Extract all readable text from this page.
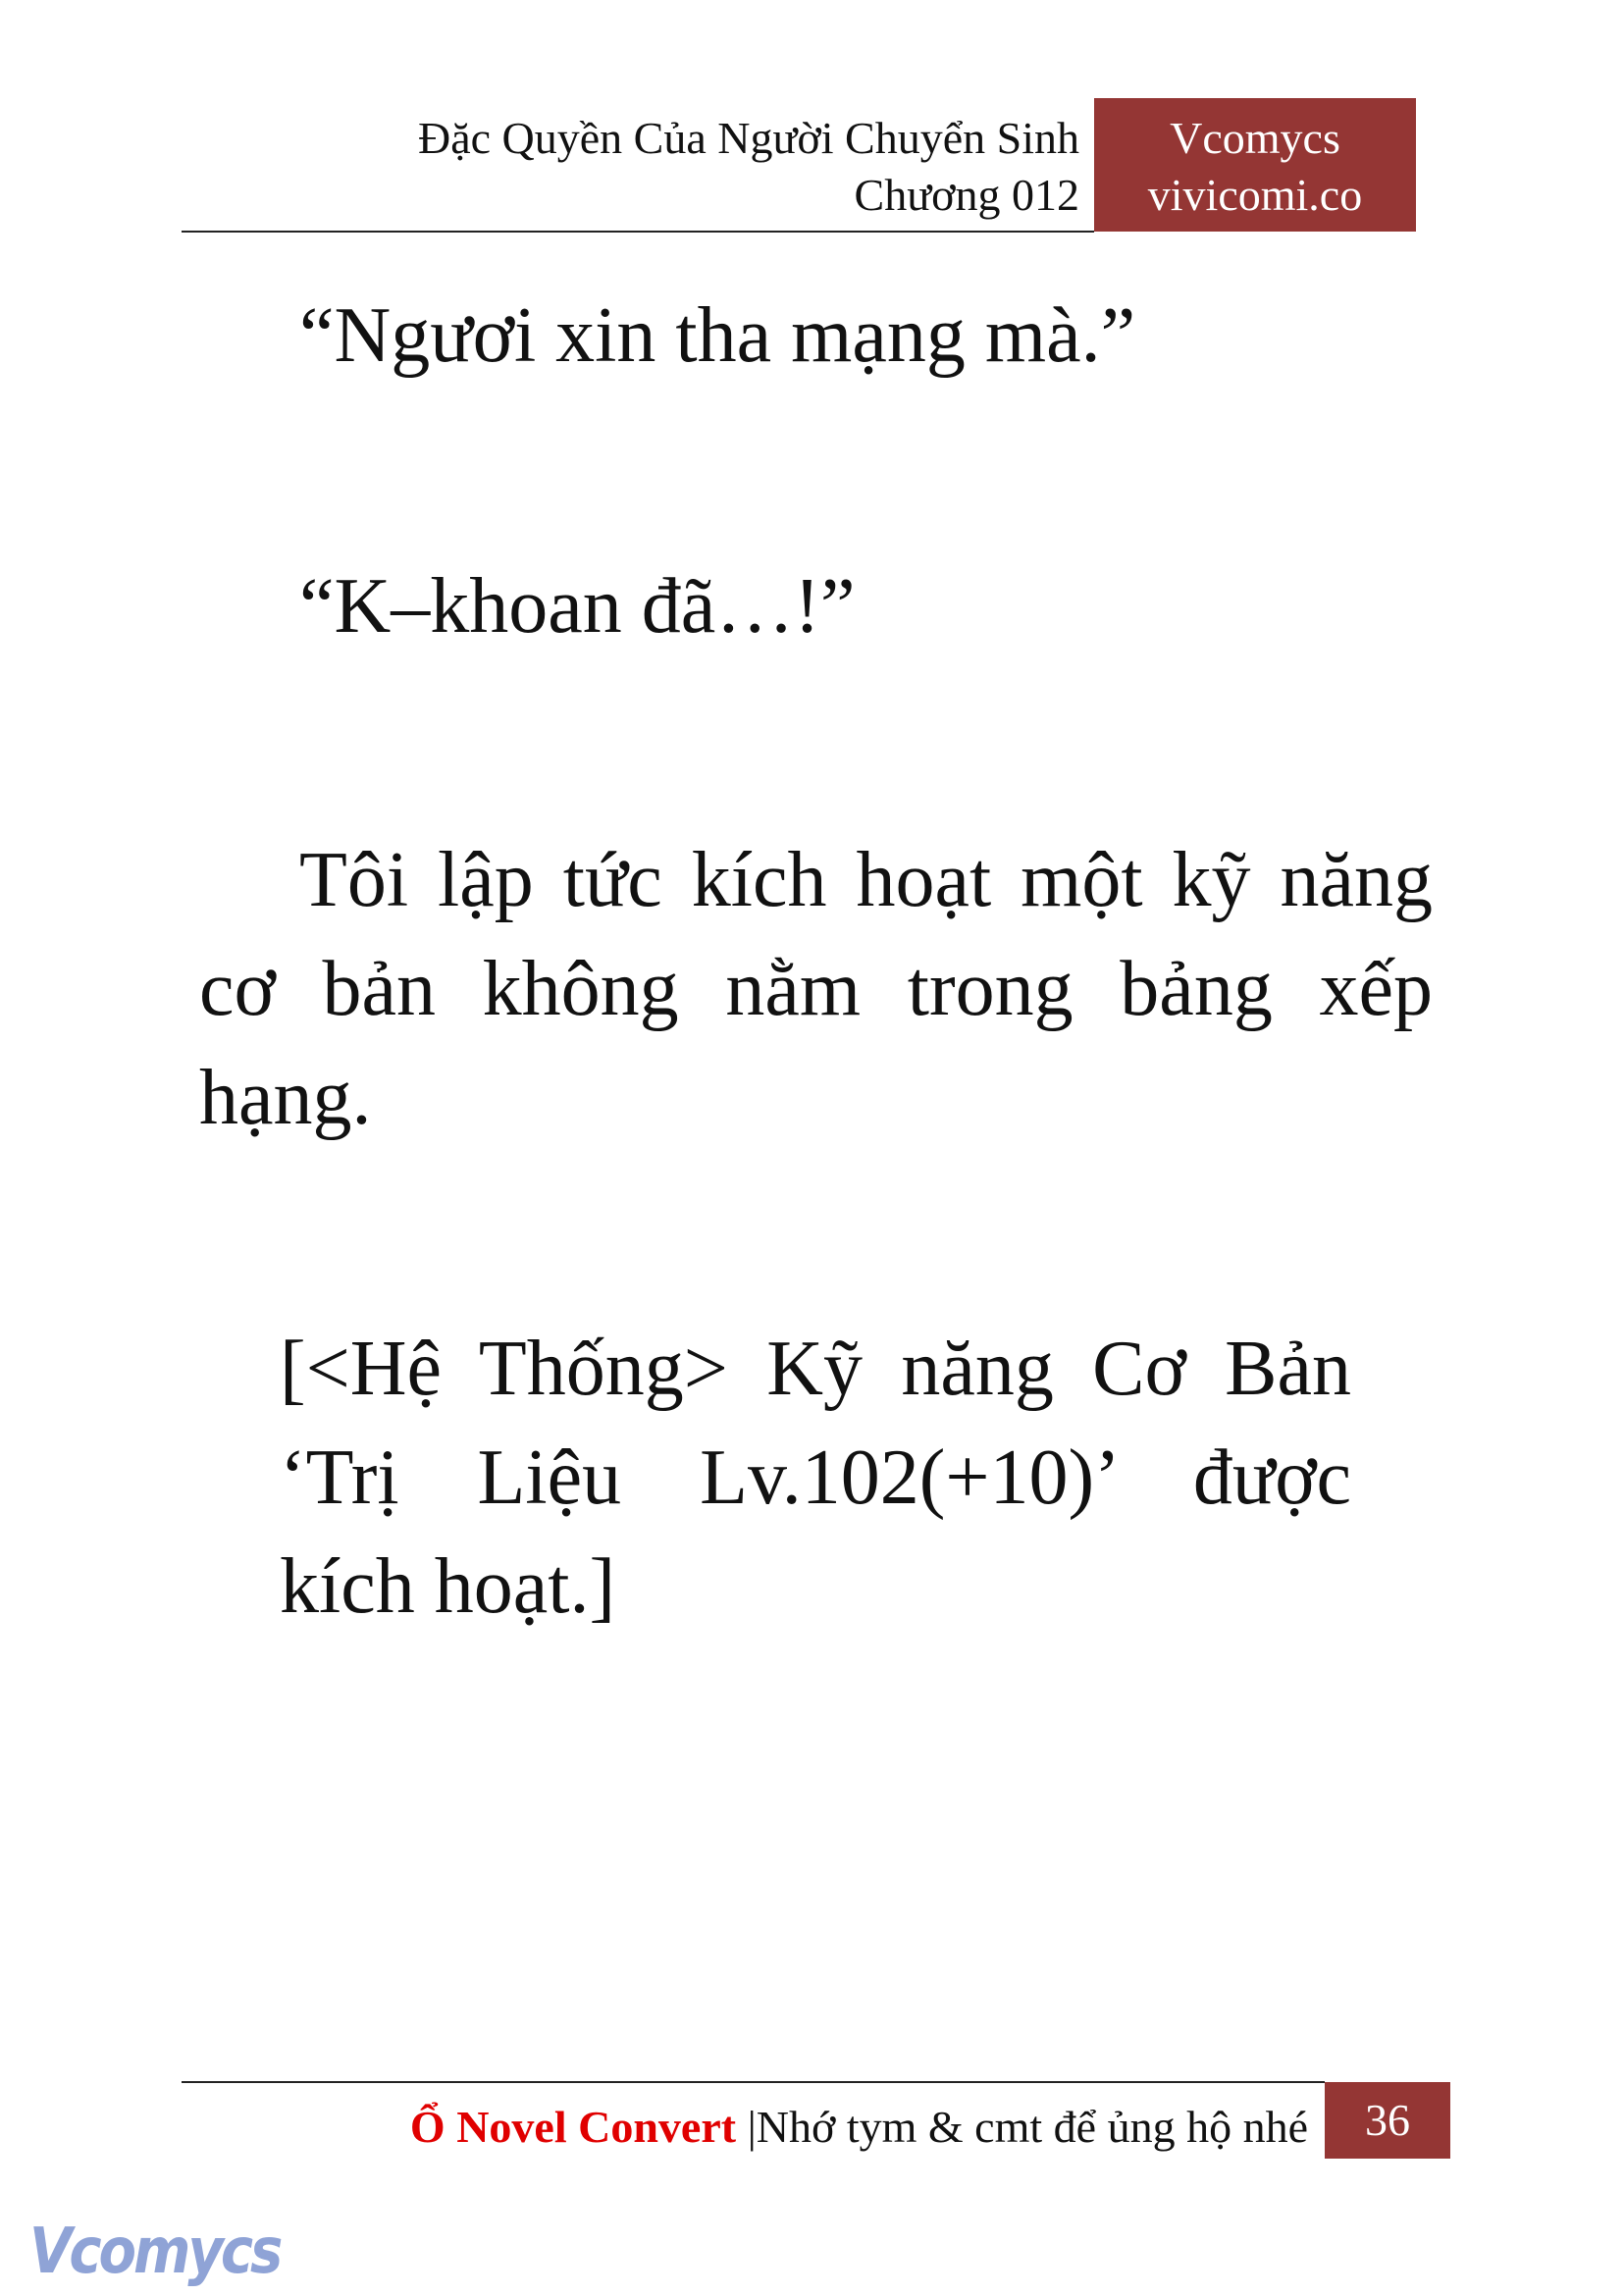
Đặc Quyền Của Người Chuyển Sinh
Chương 012
Vcomycs
vivicomi.co
“Ngươi xin tha mạng mà.”
“K–khoan đã…!”
Tôi lập tức kích hoạt một kỹ năng
cơ bản không nằm trong bảng xếp
hạng.
[<Hệ Thống> Kỹ năng Cơ Bản
‘Trị Liệu Lv.102(+10)’ được
kích hoạt.]
Ổ Novel Convert |Nhớ tym & cmt để ủng hộ nhé	36
Vcomycs
